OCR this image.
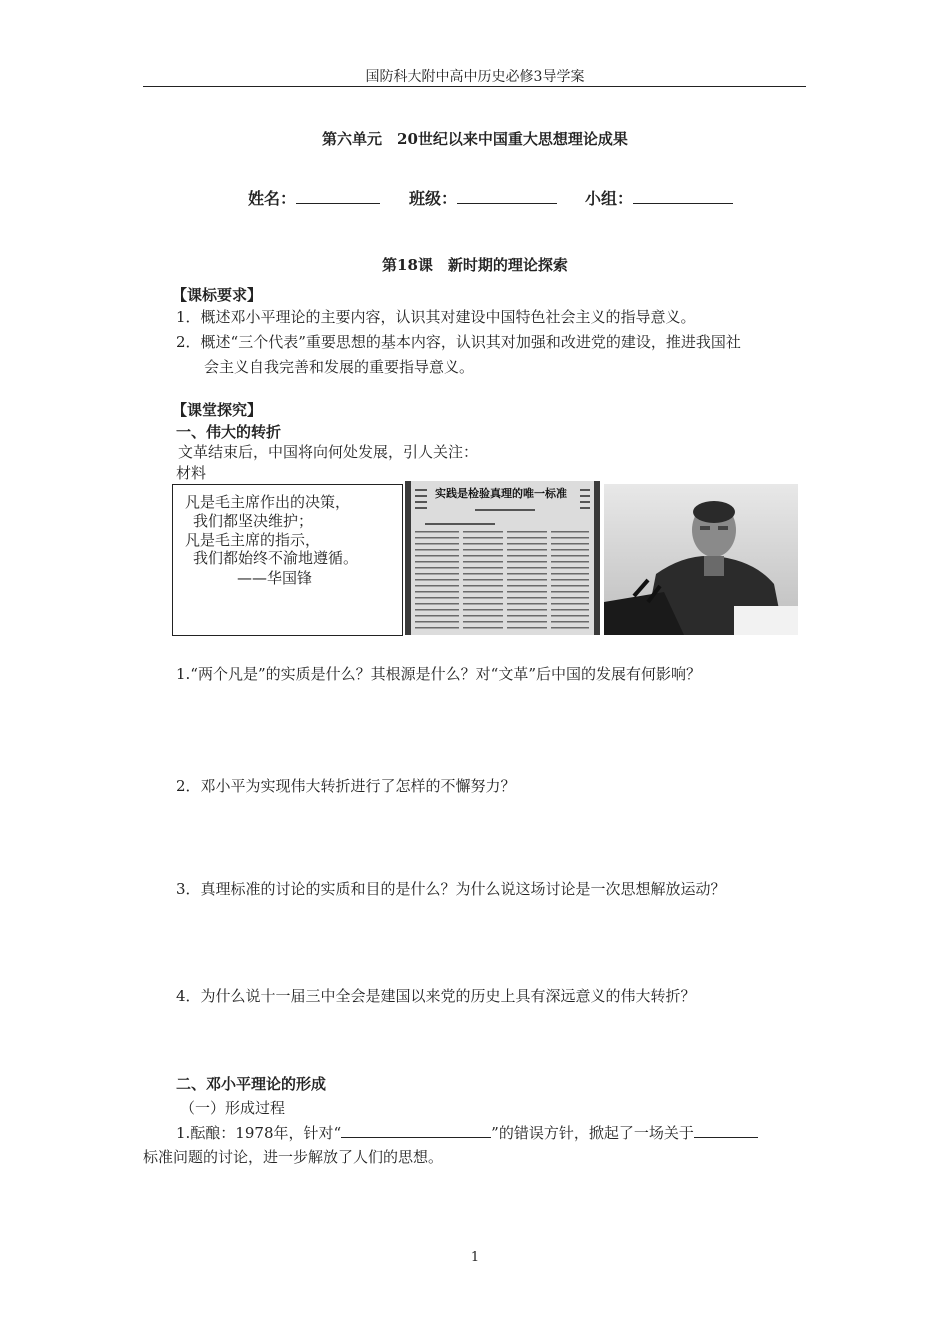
国防科大附中高中历史必修3导学案
第六单元　20世纪以来中国重大思想理论成果
姓名：	班级：	小组：
第18课　新时期的理论探索
【课标要求】
1．概述邓小平理论的主要内容，认识其对建设中国特色社会主义的指导意义。
2．概述“三个代表”重要思想的基本内容，认识其对加强和改进党的建设，推进我国社
会主义自我完善和发展的重要指导意义。
【课堂探究】
一、伟大的转折
文革结束后，中国将向何处发展，引人关注：
材料
凡是毛主席作出的决策，
我们都坚决维护；
凡是毛主席的指示，
我们都始终不渝地遵循。
——华国锋
实践是检验真理的唯一标准
1.“两个凡是”的实质是什么？其根源是什么？对“文革”后中国的发展有何影响？
2．邓小平为实现伟大转折进行了怎样的不懈努力？
3．真理标准的讨论的实质和目的是什么？为什么说这场讨论是一次思想解放运动？
4．为什么说十一届三中全会是建国以来党的历史上具有深远意义的伟大转折？
二、邓小平理论的形成
（一）形成过程
1.酝酿：1978年，针对“	”的错误方针，掀起了一场关于
标准问题的讨论，进一步解放了人们的思想。
1
